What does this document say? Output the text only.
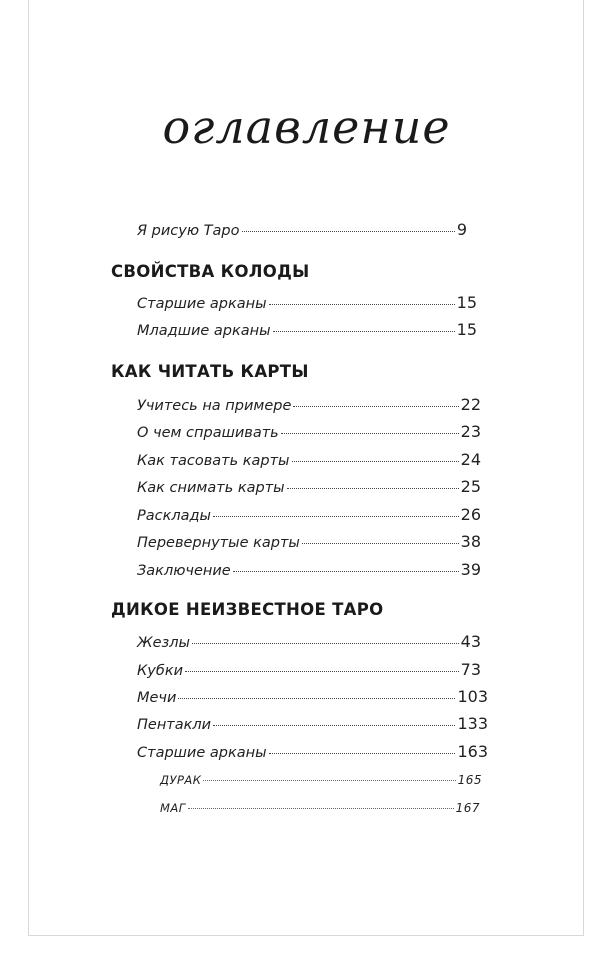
оглавление
Я рисую Таро	9
СВОЙСТВА КОЛОДЫ
Старшие арканы	15
Младшие арканы	15
КАК ЧИТАТЬ КАРТЫ
Учитесь на примере	22
О чем спрашивать	23
Как тасовать карты	24
Как снимать карты	25
Расклады	26
Перевернутые карты	38
Заключение	39
ДИКОЕ НЕИЗВЕСТНОЕ ТАРО
Жезлы	43
Кубки	73
Мечи	103
Пентакли	133
Старшие арканы	163
ДУРАК	165
МАГ	167
